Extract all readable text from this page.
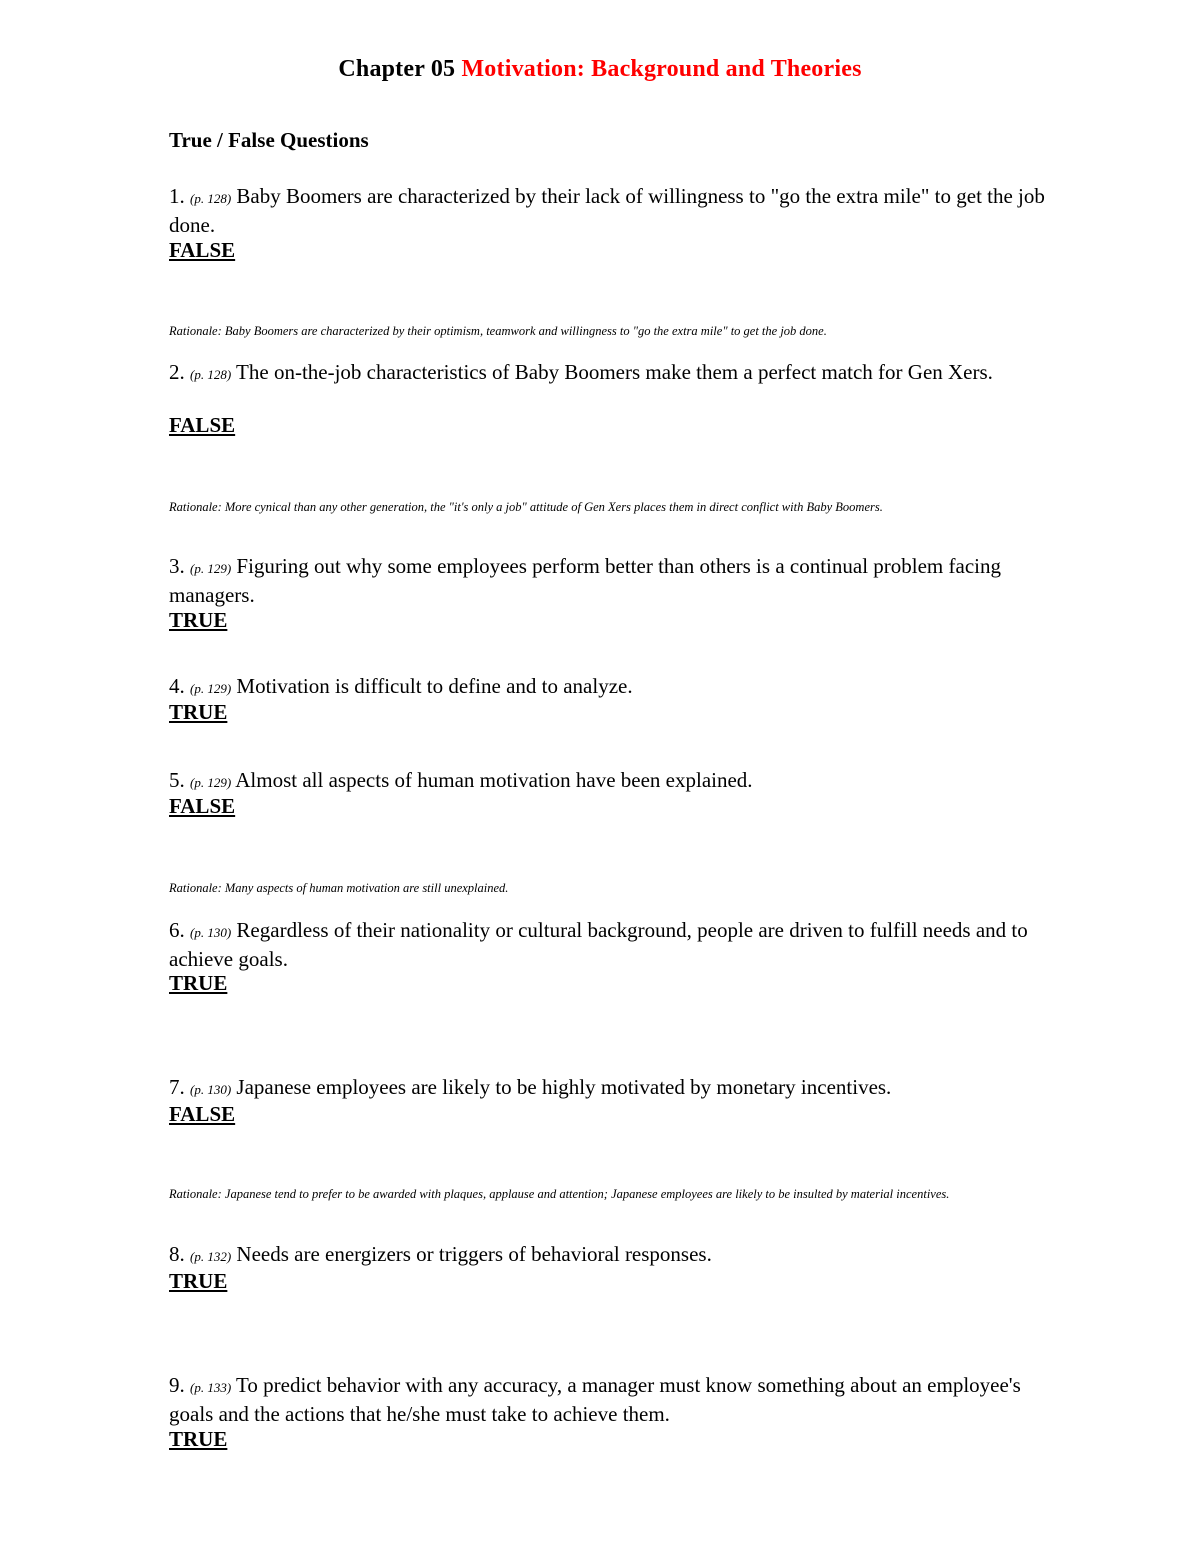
Chapter 05 Motivation: Background and Theories
True / False Questions
1. (p. 128) Baby Boomers are characterized by their lack of willingness to "go the extra mile" to get the job done.
FALSE
Rationale: Baby Boomers are characterized by their optimism, teamwork and willingness to "go the extra mile" to get the job done.
2. (p. 128) The on-the-job characteristics of Baby Boomers make them a perfect match for Gen Xers.
FALSE
Rationale: More cynical than any other generation, the "it's only a job" attitude of Gen Xers places them in direct conflict with Baby Boomers.
3. (p. 129) Figuring out why some employees perform better than others is a continual problem facing managers.
TRUE
4. (p. 129) Motivation is difficult to define and to analyze.
TRUE
5. (p. 129) Almost all aspects of human motivation have been explained.
FALSE
Rationale: Many aspects of human motivation are still unexplained.
6. (p. 130) Regardless of their nationality or cultural background, people are driven to fulfill needs and to achieve goals.
TRUE
7. (p. 130) Japanese employees are likely to be highly motivated by monetary incentives.
FALSE
Rationale: Japanese tend to prefer to be awarded with plaques, applause and attention; Japanese employees are likely to be insulted by material incentives.
8. (p. 132) Needs are energizers or triggers of behavioral responses.
TRUE
9. (p. 133) To predict behavior with any accuracy, a manager must know something about an employee's goals and the actions that he/she must take to achieve them.
TRUE
